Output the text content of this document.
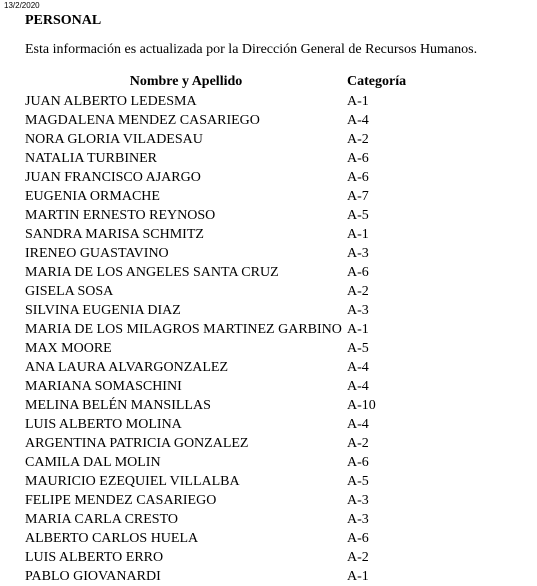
13/2/2020
PERSONAL
Esta información es actualizada por la Dirección General de Recursos Humanos.
Nombre y Apellido	Categoría
JUAN ALBERTO LEDESMA	A-1
MAGDALENA MENDEZ CASARIEGO	A-4
NORA GLORIA VILADESAU	A-2
NATALIA TURBINER	A-6
JUAN FRANCISCO AJARGO	A-6
EUGENIA ORMACHE	A-7
MARTIN ERNESTO REYNOSO	A-5
SANDRA MARISA SCHMITZ	A-1
IRENEO GUASTAVINO	A-3
MARIA DE LOS ANGELES SANTA CRUZ	A-6
GISELA SOSA	A-2
SILVINA EUGENIA DIAZ	A-3
MARIA DE LOS MILAGROS MARTINEZ GARBINO A-1
MAX MOORE	A-5
ANA LAURA ALVARGONZALEZ	A-4
MARIANA SOMASCHINI	A-4
MELINA BELÉN MANSILLAS	A-10
LUIS ALBERTO MOLINA	A-4
ARGENTINA PATRICIA GONZALEZ	A-2
CAMILA DAL MOLIN	A-6
MAURICIO EZEQUIEL VILLALBA	A-5
FELIPE MENDEZ CASARIEGO	A-3
MARIA CARLA CRESTO	A-3
ALBERTO CARLOS HUELA	A-6
LUIS ALBERTO ERRO	A-2
PABLO GIOVANARDI	A-1
